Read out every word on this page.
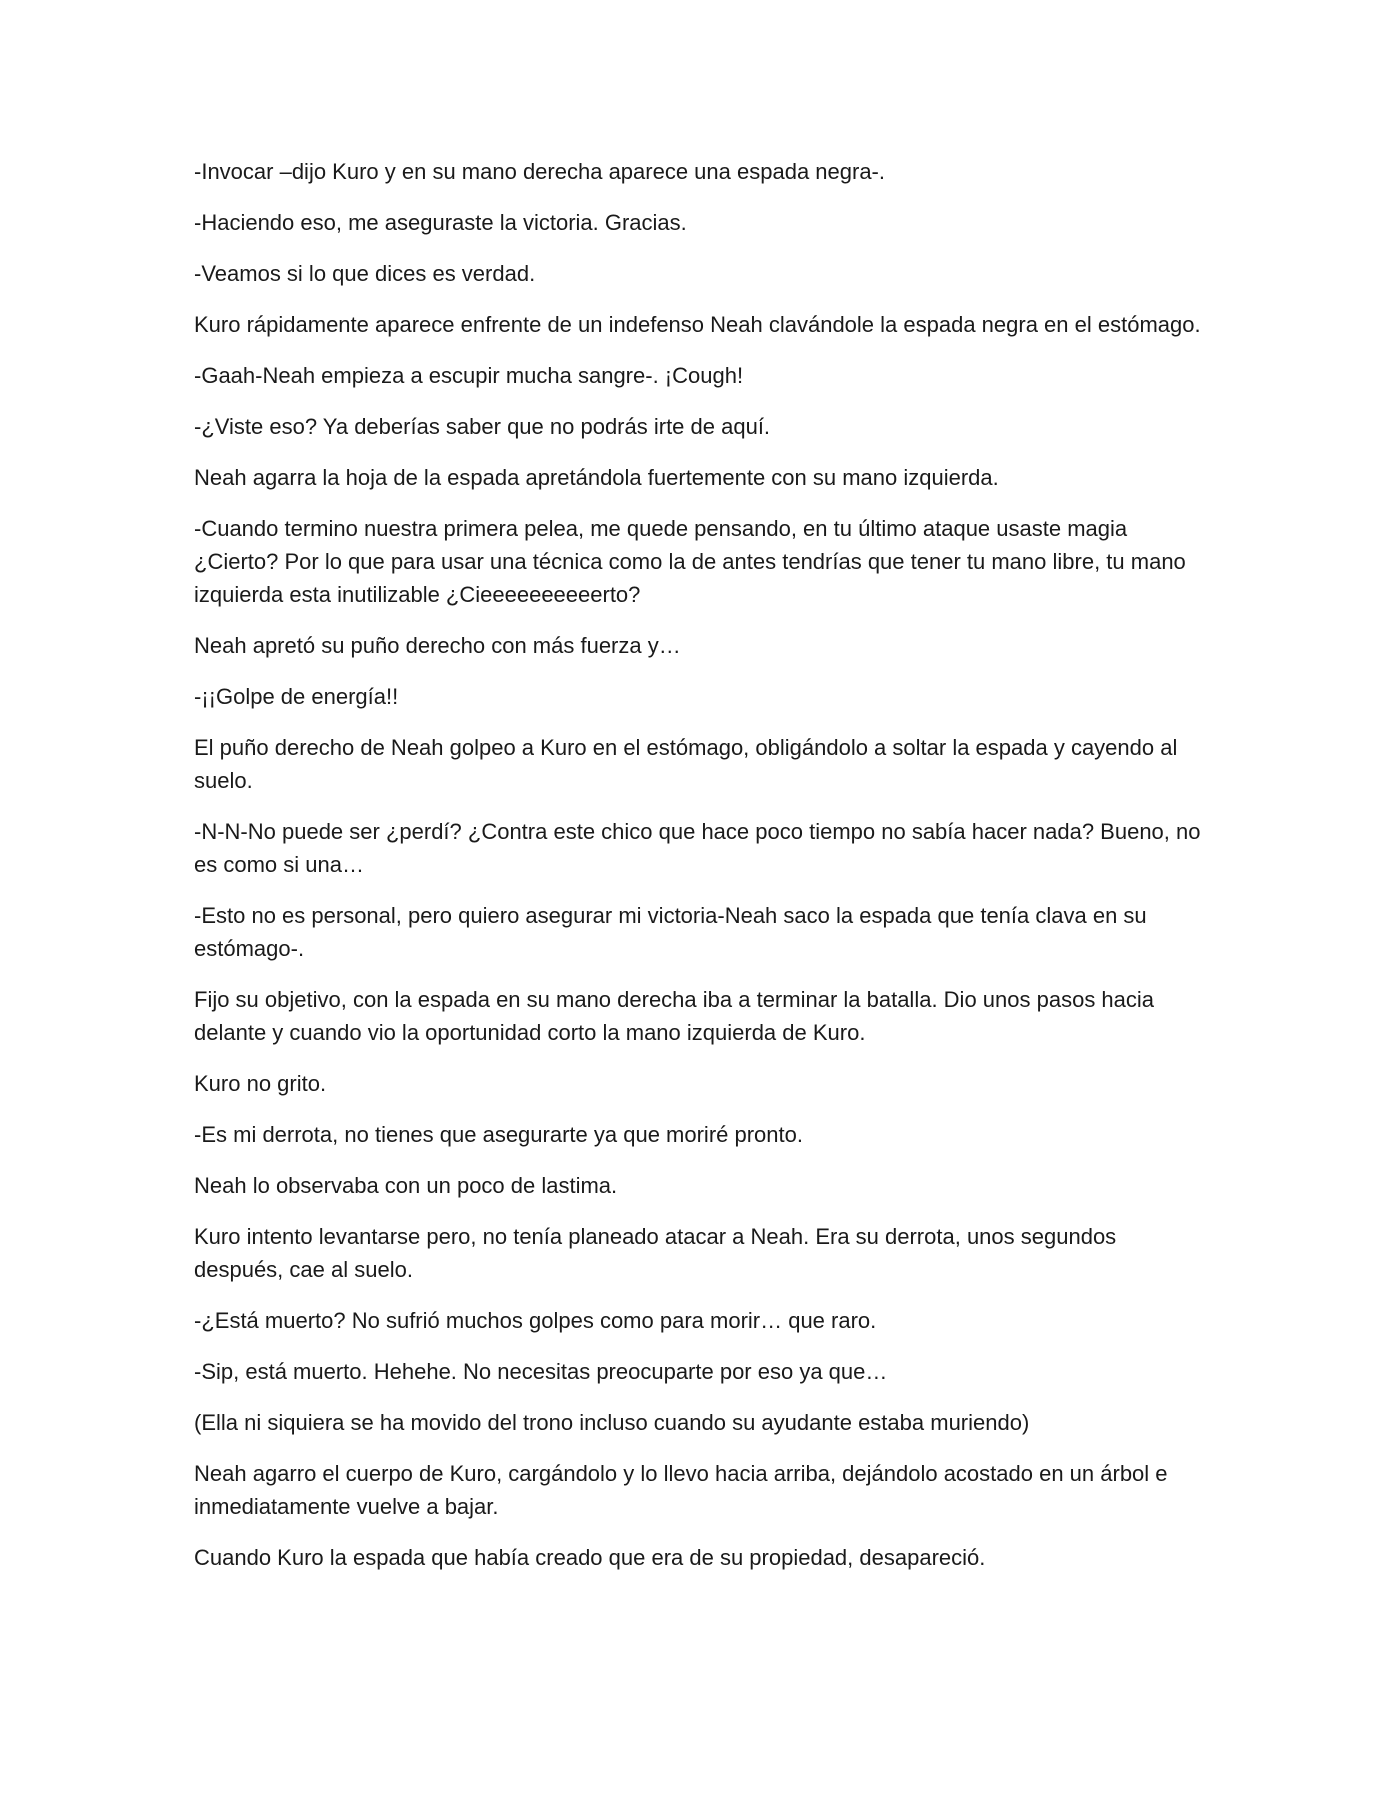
-Invocar –dijo Kuro y en su mano derecha aparece una espada negra-.

-Haciendo eso, me aseguraste la victoria. Gracias.

-Veamos si lo que dices es verdad.

Kuro rápidamente aparece enfrente de un indefenso Neah clavándole la espada negra en el estómago.

-Gaah-Neah empieza a escupir mucha sangre-. ¡Cough!

-¿Viste eso? Ya deberías saber que no podrás irte de aquí.

Neah agarra la hoja de la espada apretándola fuertemente con su mano izquierda.

-Cuando termino nuestra primera pelea, me quede pensando, en tu último ataque usaste magia ¿Cierto? Por lo que para usar una técnica como la de antes tendrías que tener tu mano libre, tu mano izquierda esta inutilizable ¿Cieeeeeeeeeerto?

Neah apretó su puño derecho con más fuerza y…

-¡¡Golpe de energía!!

El puño derecho de Neah golpeo a Kuro en el estómago, obligándolo a soltar la espada y cayendo al suelo.

-N-N-No puede ser ¿perdí? ¿Contra este chico que hace poco tiempo no sabía hacer nada? Bueno, no es como si una…

-Esto no es personal, pero quiero asegurar mi victoria-Neah saco la espada que tenía clava en su estómago-.

Fijo su objetivo, con la espada en su mano derecha iba a terminar la batalla. Dio unos pasos hacia delante y cuando vio la oportunidad corto la mano izquierda de Kuro.

Kuro no grito.

-Es mi derrota, no tienes que asegurarte ya que moriré pronto.

Neah lo observaba con un poco de lastima.

Kuro intento levantarse pero, no tenía planeado atacar a Neah. Era su derrota, unos segundos después, cae al suelo.

-¿Está muerto? No sufrió muchos golpes como para morir… que raro.

-Sip, está muerto. Hehehe. No necesitas preocuparte por eso ya que…

(Ella ni siquiera se ha movido del trono incluso cuando su ayudante estaba muriendo)

Neah agarro el cuerpo de Kuro, cargándolo y lo llevo hacia arriba, dejándolo acostado en un árbol e inmediatamente vuelve a bajar.

Cuando Kuro la espada que había creado que era de su propiedad, desapareció.
